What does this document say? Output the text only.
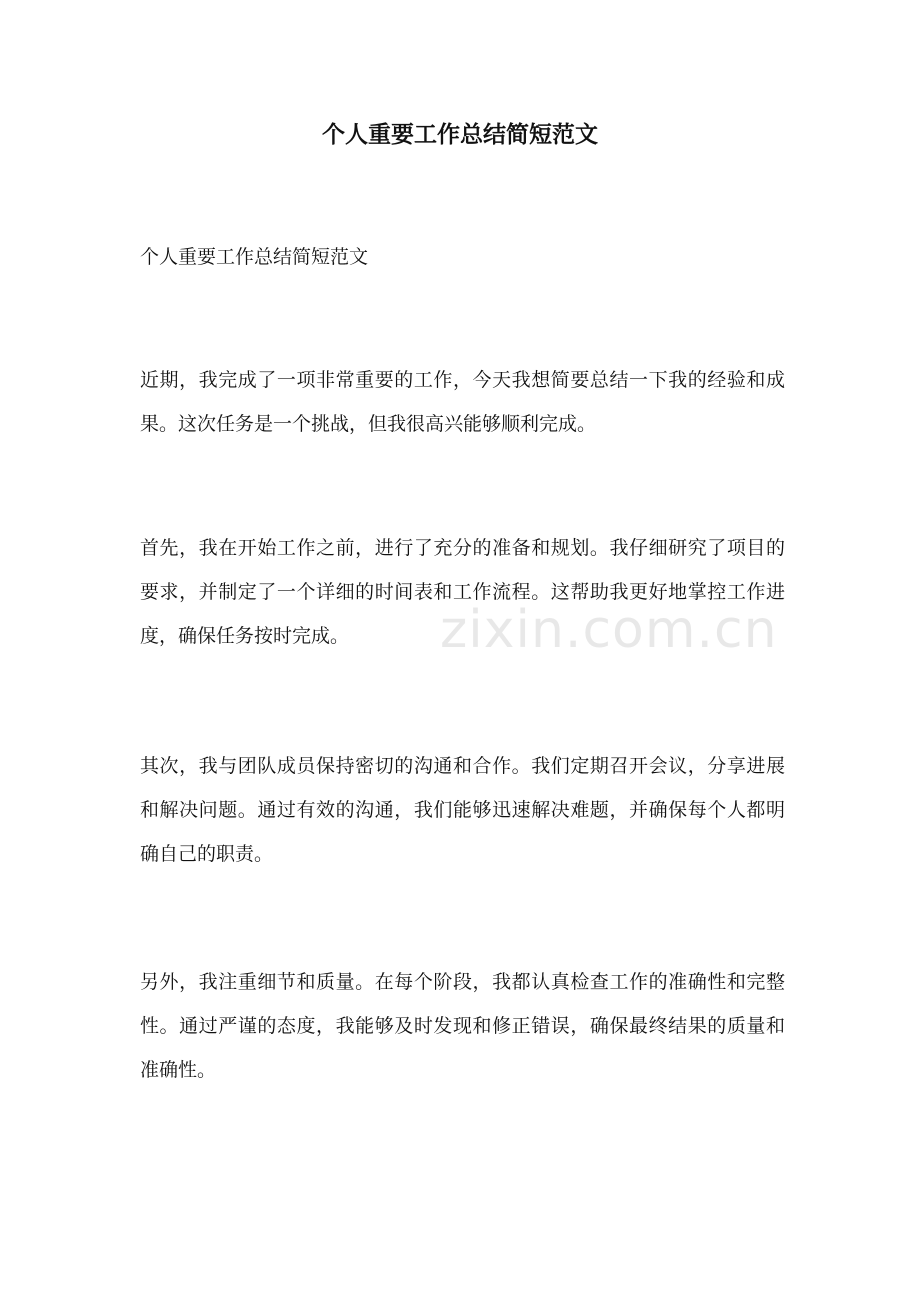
个人重要工作总结简短范文

个人重要工作总结简短范文

近期，我完成了一项非常重要的工作，今天我想简要总结一下我的经验和成果。这次任务是一个挑战，但我很高兴能够顺利完成。

首先，我在开始工作之前，进行了充分的准备和规划。我仔细研究了项目的要求，并制定了一个详细的时间表和工作流程。这帮助我更好地掌控工作进度，确保任务按时完成。

其次，我与团队成员保持密切的沟通和合作。我们定期召开会议，分享进展和解决问题。通过有效的沟通，我们能够迅速解决难题，并确保每个人都明确自己的职责。

另外，我注重细节和质量。在每个阶段，我都认真检查工作的准确性和完整性。通过严谨的态度，我能够及时发现和修正错误，确保最终结果的质量和准确性。

zixin.com.cn
